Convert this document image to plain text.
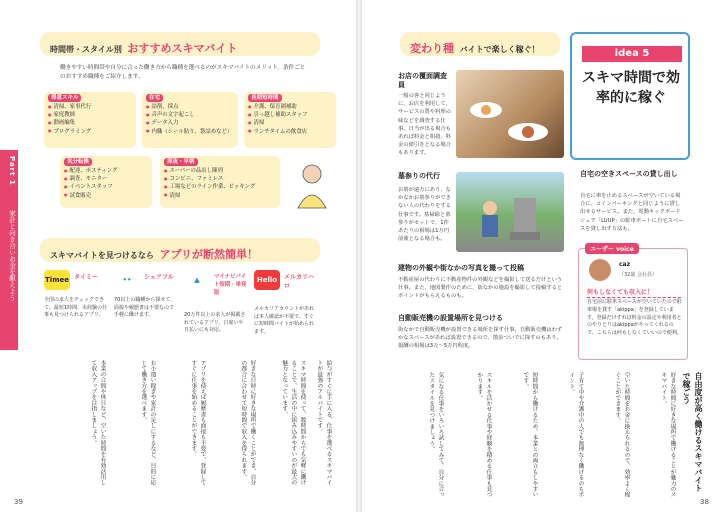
Part 1
家計と向き合いお金を駆えよう
時間帯・スタイル別 おすすめスキマバイト
働きやすい時間帯や自分に合った働き方から職種を選べるのがスキマバイトのメリット。条件ごとのおすすめ職種をご紹介します。
得意スキル
● 清掃、家事代行
● 家庭教師
● 動画編集
● プログラミング
在宅
● 添削、採点
● 音声の文字起こし
● データ入力
● 内職（シール貼り、袋詰めなど）
長期短時間
● 介護、保育園補助
● 引っ越し補助スタッフ
● 清掃
● ランチタイムの飲食店
気分転換
● 配達、ポスティング
● 調査、モニター
● イベントスタッフ
● 試食販売
深夜・早朝
● スーパーの品出し陳列
● コンビニ、ファミレス
● 工場などのライン作業、ピッキング
● 清掃
スキマバイトを見つけるなら アプリが断然簡単！
Timee タイミー
全国の求人をチェックできて、最短1時間、未経験の仕事も見つけられるアプリ。
••	シェアフル
70以上の職種から探せて、面接や履歴書は不要なので手軽に働けます。
▲	マイナビバイト短期・単発版
20万件以上の求人が掲載されているアプリ。日雇いや日払いにも対応。
Hello	メルカリハロ
メルカリアカウントがあれば本人確認が不要で、すぐに短時間バイトが始められます。
給与がすぐに手に入る、仕事を選べるスキマバイトが最強のアルバイトです。
スキマ時間を使って、数時間からでも気軽に働けることで、生活の中に組み込みやすいのが最大の魅力となっています。
好きな日時に好きな場所で働くことができ、自分の都合に合わせて短時間で収入を得られます。
アプリを使えば履歴書も面接も不要で、登録してすぐに仕事を始めることができます。
お小遣い稼ぎや家計の足しにするなど、目的に応じて働き方を選べます。
本業の合間や休日など、空いた時間を有効活用して収入アップを目指しましょう。
39
変わり種 バイトで楽しく稼ぐ！	idea 5
スキマ時間で効率的に稼ぐ
お店の覆面調査員
一般の客と同じように、お店を利用して、サービスの質や料理の味などを調査する仕事。日当が出る場合もあれば料金と相殺、料金の値引きとなる場合もあります。
墓参りの代行
お墓が遠方にあり、なかなかお墓参りができない人の代わりをする仕事です。墓掃除と墓参りがセットで、1件あたりの相場は1万円前後となる場合も。
建物の外観や街なかの写真を撮って投稿
不動産屋の代わりに不動産物件の外観などを撮影して送るだけという仕事。また、地図製作のために、街なかの施設を撮影して投稿するとポイントがもらえるものも。
自動販売機の設置場所を見つける
街なかで自動販売機が設置できる場所を探す仕事。自動販売機はわずかなスペースがあれば設置できるので、散歩ついでに探すのもあり。報酬の相場は3万〜5万円程度。
自宅の空きスペースの貸し出し
自宅に車を止めるスペースが空いている場合に、コインパーキングと同じように貸し出せるサービス。また、電動キックボードシェア「LUUP」の駐車ポートに自宅スペースを貸し出す方法も。
ユーザー voice
caz
（32歳 会社員）
何もしなくても収入に！
自宅前に駐車スペースが空いていたので駐車場を貸す「akippa」を登録しています。登録だけすれば料金の設定や利用者とのやりとりはakippaがやってくれるので、こちらは何もしなくていいので便利。
自由度が高く働けるスキマバイトで稼ごう
好きな時間に好きな場所で働けることが魅力のスキマバイト。
空いた時間をお金に換えられるので、効率よく稼ぐことができます。
子育て中や介護中の人でも無理なく働けるのもポイント。
短時間から働けるため、本業との両立もしやすいです。
スキルを活かせる仕事や経験を積める仕事も見つかります。
気になる仕事をいろいろ試してみて、自分に合ったスタイルを見つけましょう。
38
